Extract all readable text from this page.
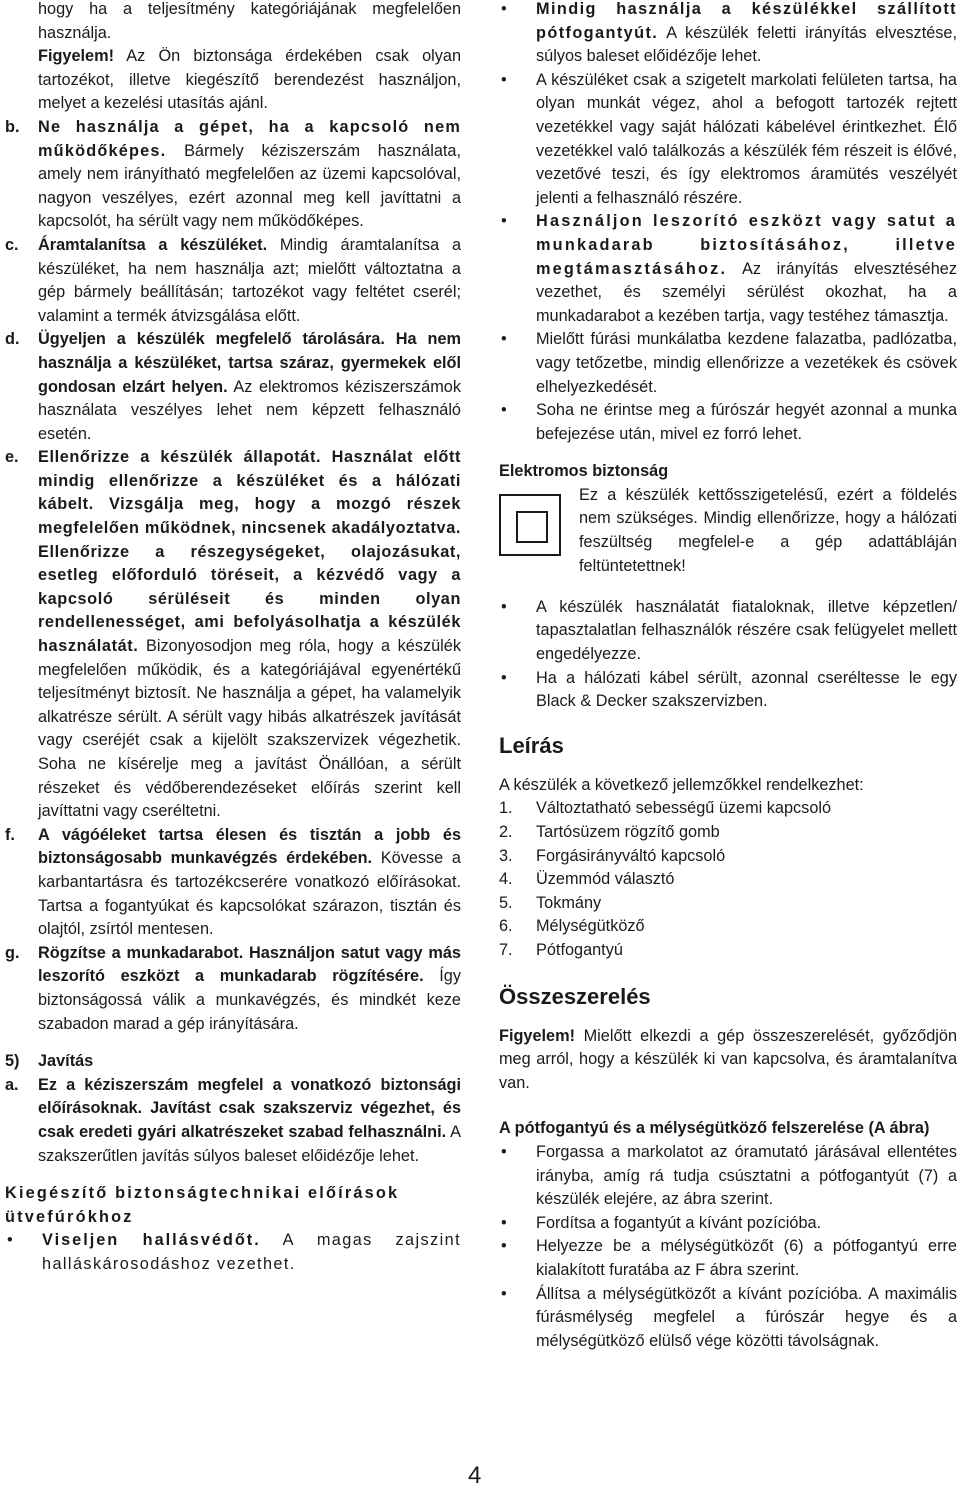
hogy ha a teljesítmény kategóriájának megfelelően használja.

Figyelem! Az Ön biztonsága érdekében csak olyan tartozékot, illetve kiegészítő berendezést használjon, melyet a kezelési utasítás ajánl.

b. Ne használja a gépet, ha a kapcsoló nem működőképes. Bármely kéziszerszám használata, amely nem irányítható megfelelően az üzemi kapcsolóval, nagyon veszélyes, ezért azonnal meg kell javíttatni a kapcsolót, ha sérült vagy nem működőképes.
c. Áramtalanítsa a készüléket. Mindig áramtalanítsa a készüléket, ha nem használja azt; mielőtt változtatna a gép bármely beállításán; tartozékot vagy feltétet cserél; valamint a termék átvizsgálása előtt.
d. Ügyeljen a készülék megfelelő tárolására. Ha nem használja a készüléket, tartsa száraz, gyermekek elől gondosan elzárt helyen. Az elektromos kéziszerszámok használata veszélyes lehet nem képzett felhasználó esetén.
e. Ellenőrizze a készülék állapotát. Használat előtt mindig ellenőrizze a készüléket és a hálózati kábelt. Vizsgálja meg, hogy a mozgó részek megfelelően működnek, nincsenek akadályoztatva. Ellenőrizze a részegységeket, olajozásukat, esetleg előforduló töréseit, a kézvédő vagy a kapcsoló sérüléseit és minden olyan rendellenességet, ami befolyásolhatja a készülék használatát. Bizonyosodjon meg róla, hogy a készülék megfelelően működik, és a kategóriájával egyenértékű teljesítményt biztosít. Ne használja a gépet, ha valamelyik alkatrésze sérült. A sérült vagy hibás alkatrészek javítását vagy cseréjét csak a kijelölt szakszervizek végezhetik. Soha ne kísérelje meg a javítást Önállóan, a sérült részeket és védőberendezéseket előírás szerint kell javíttatni vagy cseréltetni.
f. A vágóéleket tartsa élesen és tisztán a jobb és biztonságosabb munkavégzés érdekében. Kövesse a karbantartásra és tartozékcserére vonatkozó előírásokat. Tartsa a fogantyúkat és kapcsolókat szárazon, tisztán és olajtól, zsírtól mentesen.
g. Rögzítse a munkadarabot. Használjon satut vagy más leszorító eszközt a munkadarab rögzítésére. Így biztonságossá válik a munkavégzés, és mindkét keze szabadon marad a gép irányítására.
5) Javítás
a. Ez a kéziszerszám megfelel a vonatkozó biztonsági előírásoknak. Javítást csak szakszerviz végezhet, és csak eredeti gyári alkatrészeket szabad felhasználni. A szakszerűtlen javítás súlyos baleset előidézője lehet.

Kiegészítő biztonságtechnikai előírások ütvefúrókhoz

• Viseljen hallásvédőt. A magas zajszint halláskárosodáshoz vezethet.
• Mindig használja a készülékkel szállított pótfogantyút. A készülék feletti irányítás elvesztése, súlyos baleset előidézője lehet.
• A készüléket csak a szigetelt markolati felületen tartsa, ha olyan munkát végez, ahol a befogott tartozék rejtett vezetékkel vagy saját hálózati kábelével érintkezhet. Élő vezetékkel való találkozás a készülék fém részeit is élővé, vezetővé teszi, és így elektromos áramütés veszélyét jelenti a felhasználó részére.
• Használjon leszorító eszközt vagy satut a munkadarab biztosításához, illetve megtámasztásához. Az irányítás elvesztéséhez vezethet, és személyi sérülést okozhat, ha a munkadarabot a kezében tartja, vagy testéhez támasztja.
• Mielőtt fúrási munkálatba kezdene falazatba, padlózatba, vagy tetőzetbe, mindig ellenőrizze a vezetékek és csövek elhelyezkedését.
• Soha ne érintse meg a fúrószár hegyét azonnal a munka befejezése után, mivel ez forró lehet.

Elektromos biztonság

Ez a készülék kettősszigetelésű, ezért a földelés nem szükséges. Mindig ellenőrizze, hogy a hálózati feszültség megfelel-e a gép adattábláján feltüntetettnek!

• A készülék használatát fiataloknak, illetve képzetlen/ tapasztalatlan felhasználók részére csak felügyelet mellett engedélyezze.
• Ha a hálózati kábel sérült, azonnal cseréltesse le egy Black & Decker szakszervizben.

Leírás

A készülék a következő jellemzőkkel rendelkezhet:

1. Változtatható sebességű üzemi kapcsoló
2. Tartósüzem rögzítő gomb
3. Forgásirányváltó kapcsoló
4. Üzemmód választó
5. Tokmány
6. Mélységütköző
7. Pótfogantyú

Összeszerelés

Figyelem! Mielőtt elkezdi a gép összeszerelését, győződjön meg arról, hogy a készülék ki van kapcsolva, és áramtalanítva van.

A pótfogantyú és a mélységütköző felszerelése (A ábra)

• Forgassa a markolatot az óramutató járásával ellentétes irányba, amíg rá tudja csúsztatni a pótfogantyút (7) a készülék elejére, az ábra szerint.
• Fordítsa a fogantyút a kívánt pozícióba.
• Helyezze be a mélységütközőt (6) a pótfogantyú erre kialakított furatába az F ábra szerint.
• Állítsa a mélységütközőt a kívánt pozícióba. A maximális fúrásmélység megfelel a fúrószár hegye és a mélységütköző elülső vége közötti távolságnak.
4
